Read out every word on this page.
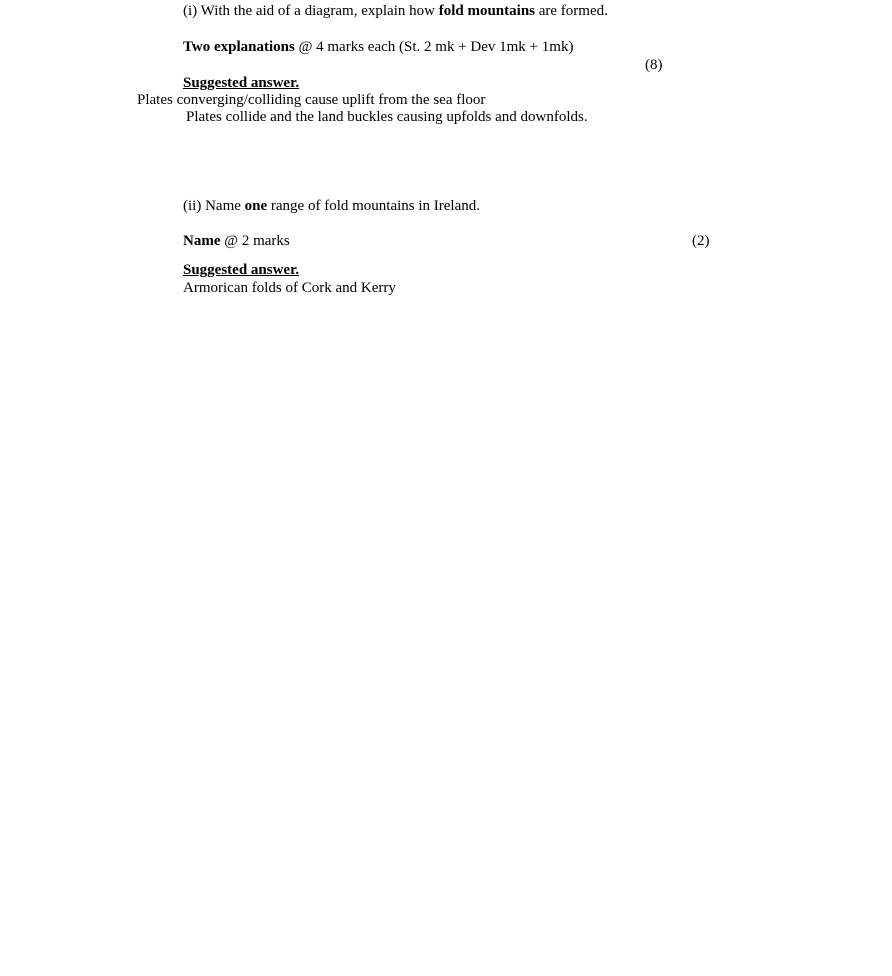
(i) With the aid of a diagram, explain how fold mountains are formed.
Two explanations @ 4 marks each (St. 2 mk + Dev 1mk + 1mk)
(8)
Suggested answer.
Plates converging/colliding cause uplift from the sea floor
Plates collide and the land buckles causing upfolds and downfolds.
(ii) Name one range of fold mountains in Ireland.
Name @ 2 marks	(2)
Suggested answer.
Armorican folds of Cork and Kerry
